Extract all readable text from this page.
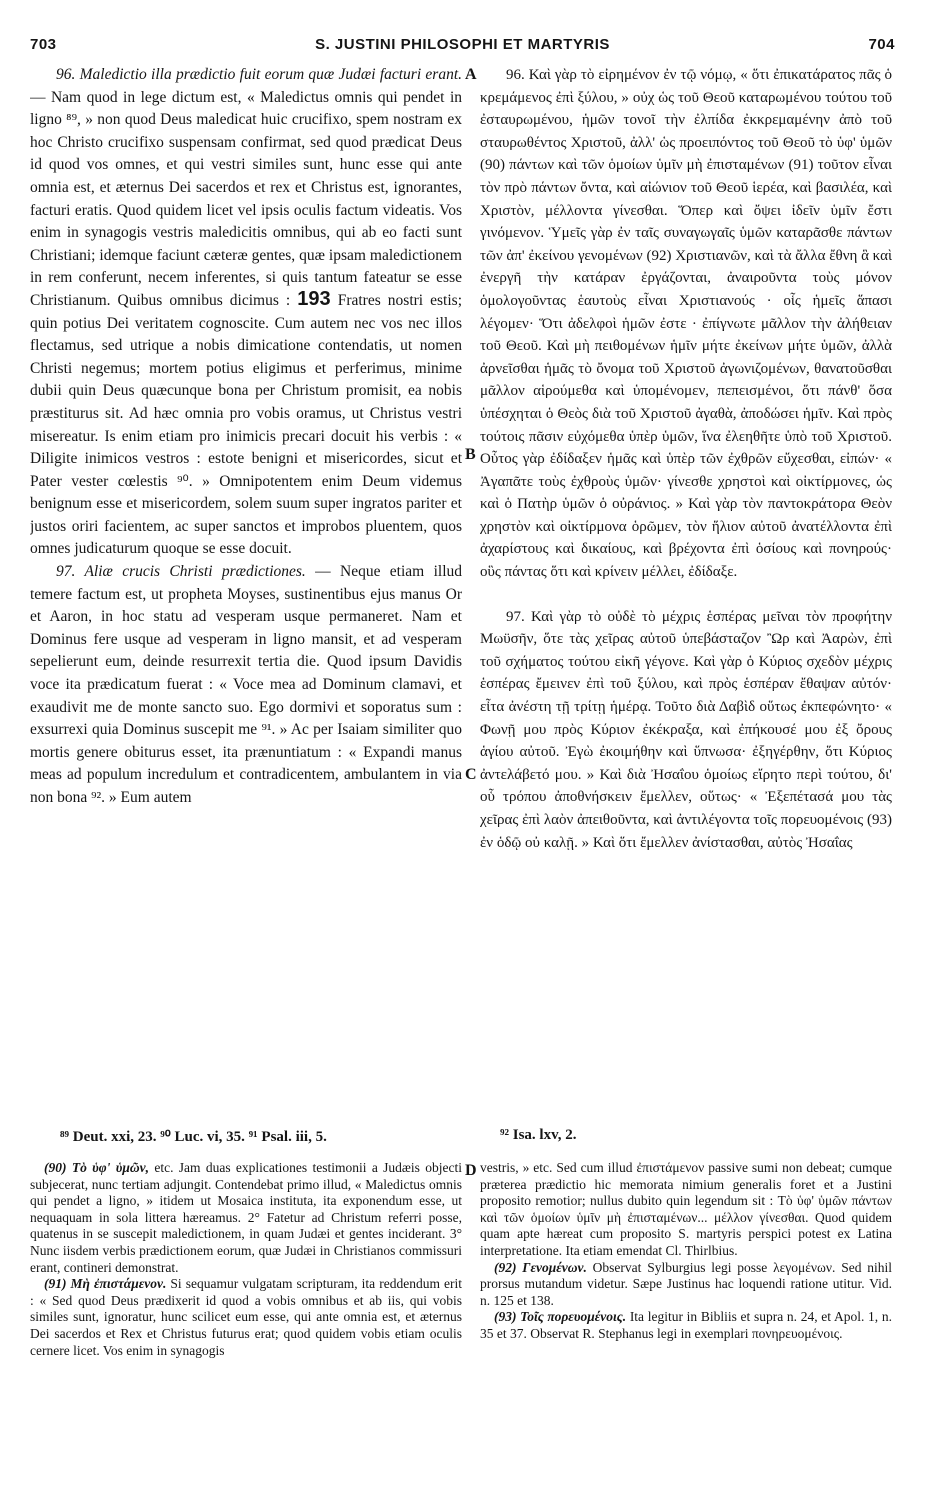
703	S. JUSTINI PHILOSOPHI ET MARTYRIS	704

96. Maledictio illa prædictio fuit eorum quæ Judæi facturi erant. — Nam quod in lege dictum est, « Maledictus omnis qui pendet in ligno ⁸⁹, » non quod Deus maledicat huic crucifixo, spem nostram ex hoc Christo crucifixo suspensam confirmat, sed quod prædicat Deus id quod vos omnes, et qui vestri similes sunt, hunc esse qui ante omnia est, et æternus Dei sacerdos et rex et Christus est, ignorantes, facturi eratis. Quod quidem licet vel ipsis oculis factum videatis. Vos enim in synagogis vestris maledicitis omnibus, qui ab eo facti sunt Christiani; idemque faciunt cæteræ gentes, quæ ipsam maledictionem in rem conferunt, necem inferentes, si quis tantum fateatur se esse Christianum. Quibus omnibus dicimus : 193 Fratres nostri estis; quin potius Dei veritatem cognoscite. Cum autem nec vos nec illos flectamus, sed utrique a nobis dimicatione contendatis, ut nomen Christi negemus; mortem potius eligimus et perferimus, minime dubii quin Deus quæcunque bona per Christum promisit, ea nobis præstiturus sit. Ad hæc omnia pro vobis oramus, ut Christus vestri misereatur. Is enim etiam pro inimicis precari docuit his verbis : « Diligite inimicos vestros : estote benigni et misericordes, sicut et Pater vester cœlestis ⁹⁰. » Omnipotentem enim Deum videmus benignum esse et misericordem, solem suum super ingratos pariter et justos oriri facientem, ac super sanctos et improbos pluentem, quos omnes judicaturum quoque se esse docuit.

97. Aliæ crucis Christi prædictiones. — Neque etiam illud temere factum est, ut propheta Moyses, sustinentibus ejus manus Or et Aaron, in hoc statu ad vesperam usque permaneret. Nam et Dominus fere usque ad vesperam in ligno mansit, et ad vesperam sepelierunt eum, deinde resurrexit tertia die. Quod ipsum Davidis voce ita prædicatum fuerat : « Voce mea ad Dominum clamavi, et exaudivit me de monte sancto suo. Ego dormivi et soporatus sum : exsurrexi quia Dominus suscepit me ⁹¹. » Ac per Isaiam similiter quo mortis genere obiturus esset, ita prænuntiatum : « Expandi manus meas ad populum incredulum et contradicentem, ambulantem in via non bona ⁹². » Eum autem

A
B
C
D

96. Καὶ γὰρ τὸ εἰρημένον ἐν τῷ νόμῳ, « ὅτι ἐπικατάρατος πᾶς ὁ κρεμάμενος ἐπὶ ξύλου, » οὐχ ὡς τοῦ Θεοῦ καταρωμένου τούτου τοῦ ἐσταυρωμένου, ἡμῶν τονοῖ τὴν ἐλπίδα ἐκκρεμαμένην ἀπὸ τοῦ σταυρωθέντος Χριστοῦ, ἀλλ' ὡς προειπόντος τοῦ Θεοῦ τὸ ὑφ' ὑμῶν (90) πάντων καὶ τῶν ὁμοίων ὑμῖν μὴ ἐπισταμένων (91) τοῦτον εἶναι τὸν πρὸ πάντων ὄντα, καὶ αἰώνιον τοῦ Θεοῦ ἱερέα, καὶ βασιλέα, καὶ Χριστὸν, μέλλοντα γίνεσθαι. Ὅπερ καὶ ὄψει ἰδεῖν ὑμῖν ἔστι γινόμενον. Ὑμεῖς γὰρ ἐν ταῖς συναγωγαῖς ὑμῶν καταρᾶσθε πάντων τῶν ἀπ' ἐκείνου γενομένων (92) Χριστιανῶν, καὶ τὰ ἄλλα ἔθνη ἃ καὶ ἐνεργῆ τὴν κατάραν ἐργάζονται, ἀναιροῦντα τοὺς μόνον ὁμολογοῦντας ἑαυτοὺς εἶναι Χριστιανούς · οἷς ἡμεῖς ἅπασι λέγομεν· Ὅτι ἀδελφοὶ ἡμῶν ἐστε · ἐπίγνωτε μᾶλλον τὴν ἀλήθειαν τοῦ Θεοῦ. Καὶ μὴ πειθομένων ἡμῖν μήτε ἐκείνων μήτε ὑμῶν, ἀλλὰ ἀρνεῖσθαι ἡμᾶς τὸ ὄνομα τοῦ Χριστοῦ ἀγωνιζομένων, θανατοῦσθαι μᾶλλον αἱρούμεθα καὶ ὑπομένομεν, πεπεισμένοι, ὅτι πάνθ' ὅσα ὑπέσχηται ὁ Θεὸς διὰ τοῦ Χριστοῦ ἀγαθὰ, ἀποδώσει ἡμῖν. Καὶ πρὸς τούτοις πᾶσιν εὐχόμεθα ὑπὲρ ὑμῶν, ἵνα ἐλεηθῆτε ὑπὸ τοῦ Χριστοῦ. Οὗτος γὰρ ἐδίδαξεν ἡμᾶς καὶ ὑπὲρ τῶν ἐχθρῶν εὔχεσθαι, εἰπών· « Ἀγαπᾶτε τοὺς ἐχθροὺς ὑμῶν· γίνεσθε χρηστοὶ καὶ οἰκτίρμονες, ὡς καὶ ὁ Πατὴρ ὑμῶν ὁ οὐράνιος. » Καὶ γὰρ τὸν παντοκράτορα Θεὸν χρηστὸν καὶ οἰκτίρμονα ὁρῶμεν, τὸν ἥλιον αὐτοῦ ἀνατέλλοντα ἐπὶ ἀχαρίστους καὶ δικαίους, καὶ βρέχοντα ἐπὶ ὁσίους καὶ πονηρούς· οὓς πάντας ὅτι καὶ κρίνειν μέλλει, ἐδίδαξε.

97. Καὶ γὰρ τὸ οὐδὲ τὸ μέχρις ἑσπέρας μεῖναι τὸν προφήτην Μωϋσῆν, ὅτε τὰς χεῖρας αὐτοῦ ὑπεβάσταζον Ὢρ καὶ Ἀαρὼν, ἐπὶ τοῦ σχήματος τούτου εἰκῆ γέγονε. Καὶ γὰρ ὁ Κύριος σχεδὸν μέχρις ἑσπέρας ἔμεινεν ἐπὶ τοῦ ξύλου, καὶ πρὸς ἑσπέραν ἔθαψαν αὐτόν· εἶτα ἀνέστη τῇ τρίτῃ ἡμέρᾳ. Τοῦτο διὰ Δαβὶδ οὕτως ἐκπεφώνητο· « Φωνῇ μου πρὸς Κύριον ἐκέκραξα, καὶ ἐπήκουσέ μου ἐξ ὄρους ἁγίου αὐτοῦ. Ἐγὼ ἐκοιμήθην καὶ ὕπνωσα· ἐξηγέρθην, ὅτι Κύριος ἀντελάβετό μου. » Καὶ διὰ Ἠσαΐου ὁμοίως εἴρητο περὶ τούτου, δι' οὗ τρόπου ἀποθνήσκειν ἔμελλεν, οὕτως· « Ἐξεπέτασά μου τὰς χεῖρας ἐπὶ λαὸν ἀπειθοῦντα, καὶ ἀντιλέγοντα τοῖς πορευομένοις (93) ἐν ὁδῷ οὐ καλῇ. » Καὶ ὅτι ἔμελλεν ἀνίστασθαι, αὐτὸς Ἠσαΐας

⁸⁹ Deut. xxi, 23. ⁹⁰ Luc. vi, 35. ⁹¹ Psal. iii, 5.	⁹² Isa. lxv, 2.

(90) Τὸ ὑφ' ὑμῶν, etc. Jam duas explicationes testimonii a Judæis objecti subjecerat, nunc tertiam adjungit. Contendebat primo illud, « Maledictus omnis qui pendet a ligno, » itidem ut Mosaica instituta, ita exponendum esse, ut nequaquam in sola littera hæreamus. 2° Fatetur ad Christum referri posse, quatenus in se suscepit maledictionem, in quam Judæi et gentes inciderant. 3° Nunc iisdem verbis prædictionem eorum, quæ Judæi in Christianos commissuri erant, contineri demonstrat.

(91) Μὴ ἐπιστάμενον. Si sequamur vulgatam scripturam, ita reddendum erit : « Sed quod Deus prædixerit id quod a vobis omnibus et ab iis, qui vobis similes sunt, ignoratur, hunc scilicet eum esse, qui ante omnia est, et æternus Dei sacerdos et Rex et Christus futurus erat; quod quidem vobis etiam oculis cernere licet. Vos enim in synagogis

vestris, » etc. Sed cum illud ἐπιστάμενον passive sumi non debeat; cumque præterea prædictio hic memorata nimium generalis foret et a Justini proposito remotior; nullus dubito quin legendum sit : Τὸ ὑφ' ὑμῶν πάντων καὶ τῶν ὁμοίων ὑμῖν μὴ ἐπισταμένων... μέλλον γίνεσθαι. Quod quidem quam apte hæreat cum proposito S. martyris perspici potest ex Latina interpretatione. Ita etiam emendat Cl. Thirlbius.

(92) Γενομένων. Observat Sylburgius legi posse λεγομένων. Sed nihil prorsus mutandum videtur. Sæpe Justinus hac loquendi ratione utitur. Vid. n. 125 et 138.

(93) Τοῖς πορευομένοις. Ita legitur in Bibliis et supra n. 24, et Apol. 1, n. 35 et 37. Observat R. Stephanus legi in exemplari πονηρευομένοις.
